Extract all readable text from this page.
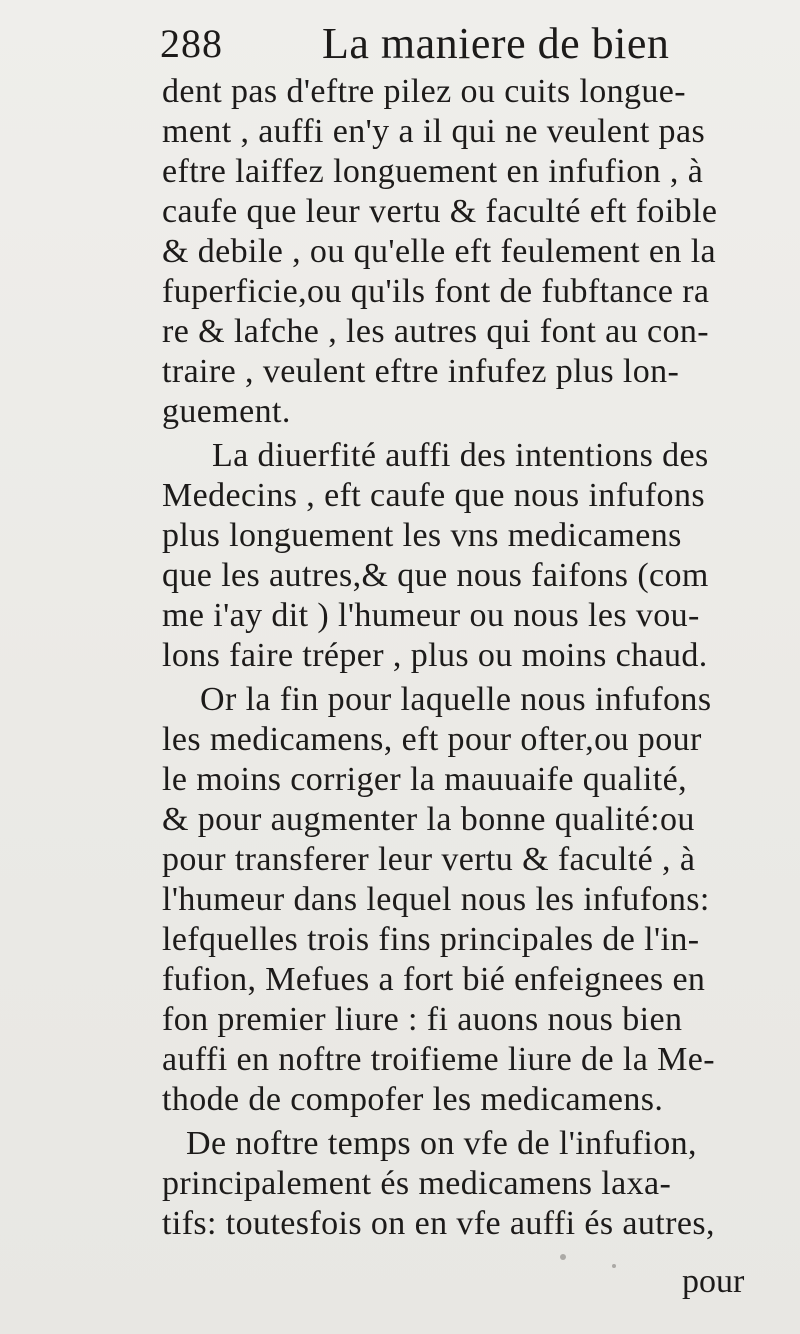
288 La maniere de bien
dent pas d'eftre pilez ou cuits longue-
ment , auffi en'y a il qui ne veulent pas
eftre laiffez longuement en infufion , à
caufe que leur vertu & faculté eft foible
& debile , ou qu'elle eft feulement en la
fuperficie,ou qu'ils font de fubftance ra
re & lafche , les autres qui font au con-
traire , veulent eftre infufez plus lon-
guement.
La diuerfité auffi des intentions des
Medecins , eft caufe que nous infufons
plus longuement les vns medicamens
que les autres,& que nous faifons (com
me i'ay dit ) l'humeur ou nous les vou-
lons faire tréper , plus ou moins chaud.
Or la fin pour laquelle nous infufons
les medicamens, eft pour ofter,ou pour
le moins corriger la mauuaife qualité,
& pour augmenter la bonne qualité:ou
pour transferer leur vertu & faculté , à
l'humeur dans lequel nous les infufons:
lefquelles trois fins principales de l'in-
fufion, Mefues a fort bié enfeignees en
fon premier liure : fi auons nous bien
auffi en noftre troifieme liure de la Me-
thode de compofer les medicamens.
De noftre temps on vfe de l'infufion,
principalement és medicamens laxa-
tifs: toutesfois on en vfe auffi és autres,
pour
